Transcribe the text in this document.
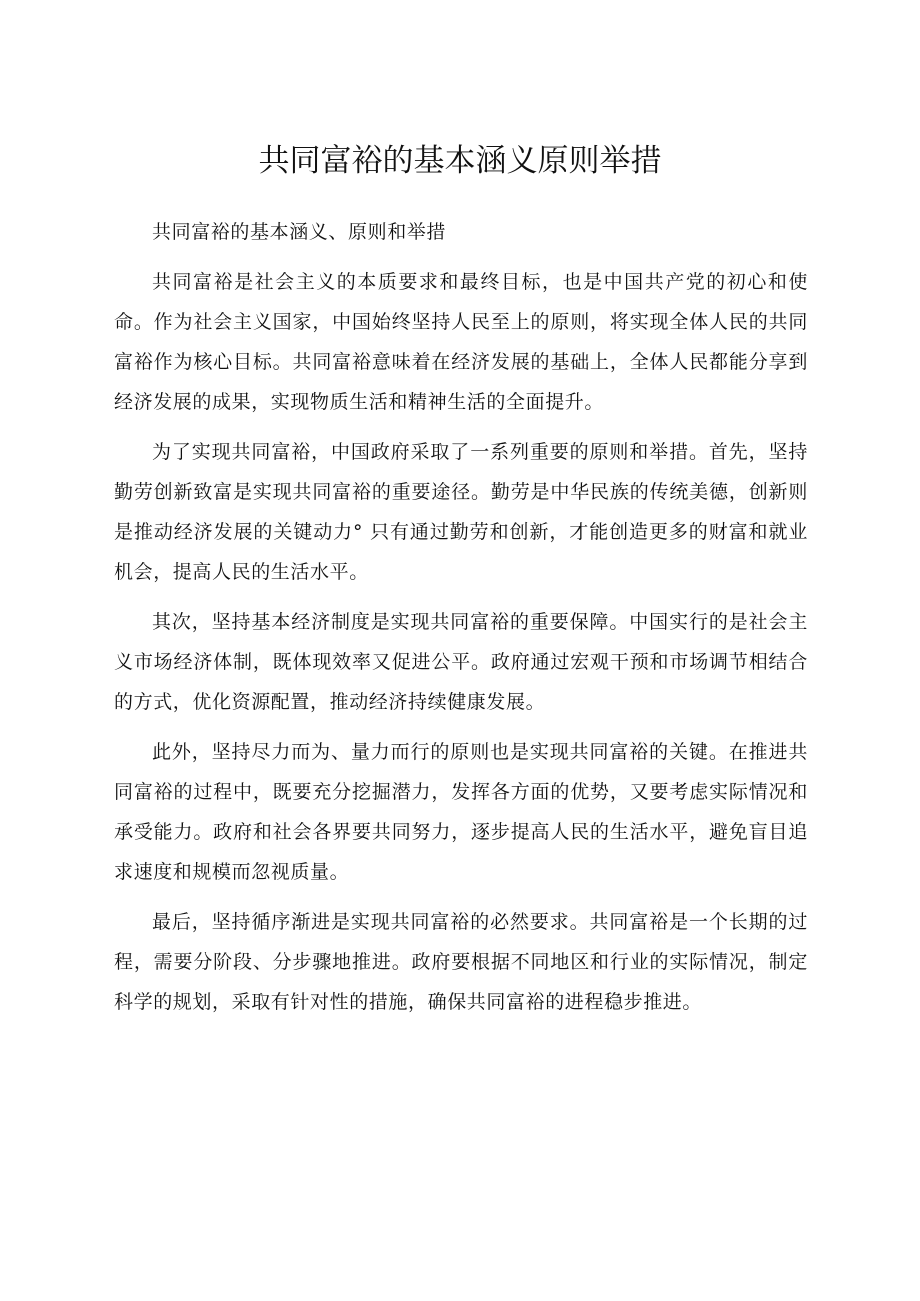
共同富裕的基本涵义原则举措

共同富裕的基本涵义、原则和举措

共同富裕是社会主义的本质要求和最终目标，也是中国共产党的初心和使命。作为社会主义国家，中国始终坚持人民至上的原则，将实现全体人民的共同富裕作为核心目标。共同富裕意味着在经济发展的基础上，全体人民都能分享到经济发展的成果，实现物质生活和精神生活的全面提升。

为了实现共同富裕，中国政府采取了一系列重要的原则和举措。首先，坚持勤劳创新致富是实现共同富裕的重要途径。勤劳是中华民族的传统美德，创新则是推动经济发展的关键动力° 只有通过勤劳和创新，才能创造更多的财富和就业机会，提高人民的生活水平。

其次，坚持基本经济制度是实现共同富裕的重要保障。中国实行的是社会主义市场经济体制，既体现效率又促进公平。政府通过宏观干预和市场调节相结合的方式，优化资源配置，推动经济持续健康发展。

此外，坚持尽力而为、量力而行的原则也是实现共同富裕的关键。在推进共同富裕的过程中，既要充分挖掘潜力，发挥各方面的优势，又要考虑实际情况和承受能力。政府和社会各界要共同努力，逐步提高人民的生活水平，避免盲目追求速度和规模而忽视质量。

最后，坚持循序渐进是实现共同富裕的必然要求。共同富裕是一个长期的过程，需要分阶段、分步骤地推进。政府要根据不同地区和行业的实际情况，制定科学的规划，采取有针对性的措施，确保共同富裕的进程稳步推进。
